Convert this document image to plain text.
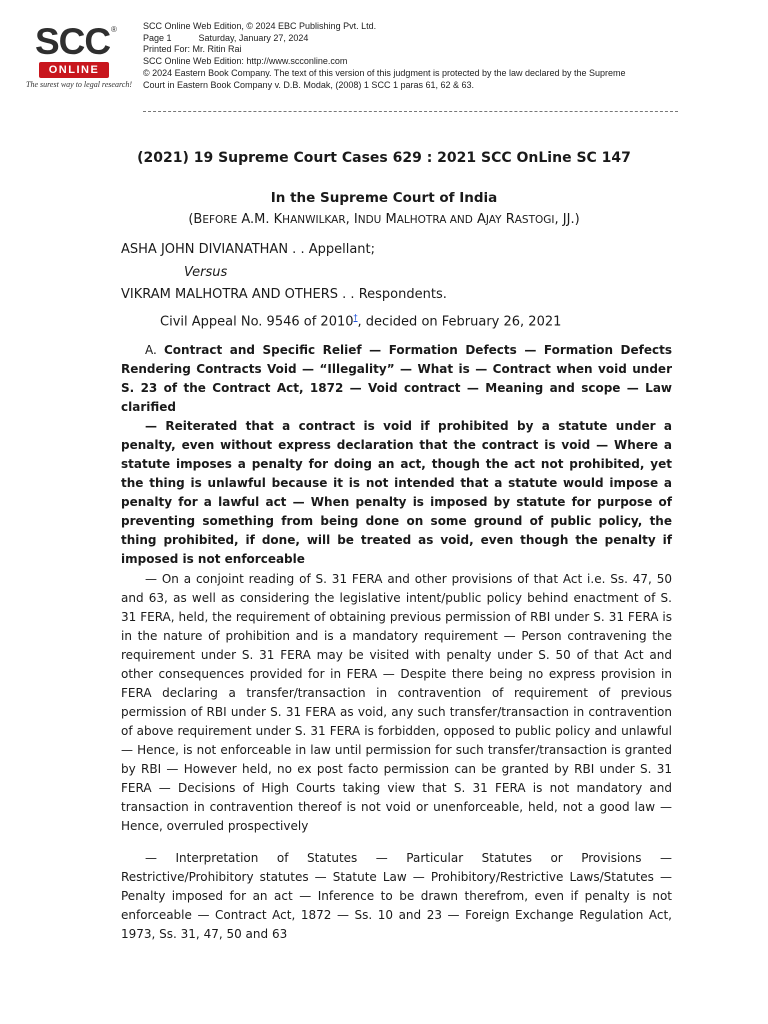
SCC ®
ONLINE
The surest way to legal research!
SCC Online Web Edition, © 2024 EBC Publishing Pvt. Ltd.
Page 1	Saturday, January 27, 2024
Printed For: Mr. Ritin Rai
SCC Online Web Edition: http://www.scconline.com
© 2024 Eastern Book Company. The text of this version of this judgment is protected by the law declared by the Supreme Court in Eastern Book Company v. D.B. Modak, (2008) 1 SCC 1 paras 61, 62 & 63.
(2021) 19 Supreme Court Cases 629 : 2021 SCC OnLine SC 147
In the Supreme Court of India
(BEFORE A.M. KHANWILKAR, INDU MALHOTRA AND AJAY RASTOGI, JJ.)
ASHA JOHN DIVIANATHAN . . Appellant;
Versus
VIKRAM MALHOTRA AND OTHERS . . Respondents.
Civil Appeal No. 9546 of 2010†, decided on February 26, 2021
A. Contract and Specific Relief — Formation Defects — Formation Defects Rendering Contracts Void — “Illegality” — What is — Contract when void under S. 23 of the Contract Act, 1872 — Void contract — Meaning and scope — Law clarified
— Reiterated that a contract is void if prohibited by a statute under a penalty, even without express declaration that the contract is void — Where a statute imposes a penalty for doing an act, though the act not prohibited, yet the thing is unlawful because it is not intended that a statute would impose a penalty for a lawful act — When penalty is imposed by statute for purpose of preventing something from being done on some ground of public policy, the thing prohibited, if done, will be treated as void, even though the penalty if imposed is not enforceable
— On a conjoint reading of S. 31 FERA and other provisions of that Act i.e. Ss. 47, 50 and 63, as well as considering the legislative intent/public policy behind enactment of S. 31 FERA, held, the requirement of obtaining previous permission of RBI under S. 31 FERA is in the nature of prohibition and is a mandatory requirement — Person contravening the requirement under S. 31 FERA may be visited with penalty under S. 50 of that Act and other consequences provided for in FERA — Despite there being no express provision in FERA declaring a transfer/transaction in contravention of requirement of previous permission of RBI under S. 31 FERA as void, any such transfer/transaction in contravention of above requirement under S. 31 FERA is forbidden, opposed to public policy and unlawful — Hence, is not enforceable in law until permission for such transfer/transaction is granted by RBI — However held, no ex post facto permission can be granted by RBI under S. 31 FERA — Decisions of High Courts taking view that S. 31 FERA is not mandatory and transaction in contravention thereof is not void or unenforceable, held, not a good law — Hence, overruled prospectively
— Interpretation of Statutes — Particular Statutes or Provisions — Restrictive/Prohibitory statutes — Statute Law — Prohibitory/Restrictive Laws/Statutes — Penalty imposed for an act — Inference to be drawn therefrom, even if penalty is not enforceable — Contract Act, 1872 — Ss. 10 and 23 — Foreign Exchange Regulation Act, 1973, Ss. 31, 47, 50 and 63
